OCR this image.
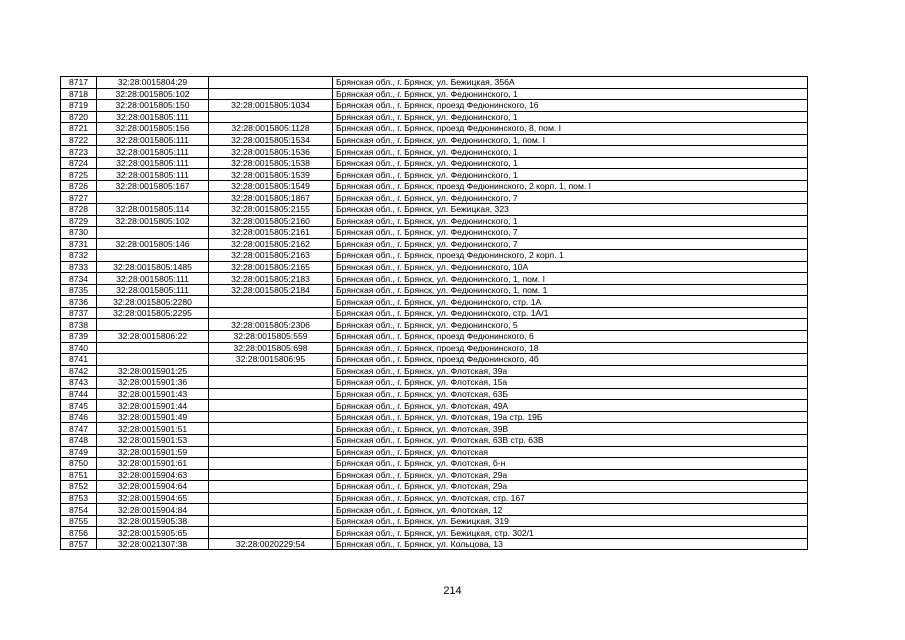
8717	32:28:0015804:29		Брянская обл., г. Брянск, ул. Бежицкая, 356А
8718	32:28:0015805:102		Брянская обл., г. Брянск, ул. Федюнинского, 1
8719	32:28:0015805:150	32:28:0015805:1034	Брянская обл., г. Брянск, проезд Федюнинского, 16
8720	32:28:0015805:111		Брянская обл., г. Брянск, ул. Федюнинского, 1
8721	32:28:0015805:156	32:28:0015805:1128	Брянская обл., г. Брянск, проезд Федюнинского, 8, пом. I
8722	32:28:0015805:111	32:28:0015805:1534	Брянская обл., г. Брянск, ул. Федюнинского, 1, пом. I
8723	32:28:0015805:111	32:28:0015805:1536	Брянская обл., г. Брянск, ул. Федюнинского, 1
8724	32:28:0015805:111	32:28:0015805:1538	Брянская обл., г. Брянск, ул. Федюнинского, 1
8725	32:28:0015805:111	32:28:0015805:1539	Брянская обл., г. Брянск, ул. Федюнинского, 1
8726	32:28:0015805:167	32:28:0015805:1549	Брянская обл., г. Брянск, проезд Федюнинского, 2 корп. 1, пом. I
8727		32:28:0015805:1867	Брянская обл., г. Брянск, ул. Федюнинского, 7
8728	32:28:0015805:114	32:28:0015805:2155	Брянская обл., г. Брянск, ул. Бежицкая, 323
8729	32:28:0015805:102	32:28:0015805:2160	Брянская обл., г. Брянск, ул. Федюнинского, 1
8730		32:28:0015805:2161	Брянская обл., г. Брянск, ул. Федюнинского, 7
8731	32:28:0015805:146	32:28:0015805:2162	Брянская обл., г. Брянск, ул. Федюнинского, 7
8732		32:28:0015805:2163	Брянская обл., г. Брянск, проезд Федюнинского, 2 корп. 1
8733	32:28:0015805:1485	32:28:0015805:2165	Брянская обл., г. Брянск, ул. Федюнинского, 10А
8734	32:28:0015805:111	32:28:0015805:2183	Брянская обл., г. Брянск, ул. Федюнинского, 1, пом. I
8735	32:28:0015805:111	32:28:0015805:2184	Брянская обл., г. Брянск, ул. Федюнинского, 1, пом. 1
8736	32:28:0015805:2280		Брянская обл., г. Брянск, ул. Федюнинского, стр. 1А
8737	32:28:0015805:2295		Брянская обл., г. Брянск, ул. Федюнинского, стр. 1А/1
8738		32:28:0015805:2306	Брянская обл., г. Брянск, ул. Федюнинского, 5
8739	32:28:0015806:22	32:28:0015805:559	Брянская обл., г. Брянск, проезд Федюнинского, 6
8740		32:28:0015805:698	Брянская обл., г. Брянск, проезд Федюнинского, 18
8741		32:28:0015806:95	Брянская обл., г. Брянск, проезд Федюнинского, 4б
8742	32:28:0015901:25		Брянская обл., г. Брянск, ул. Флотская, 39а
8743	32:28:0015901:36		Брянская обл., г. Брянск, ул. Флотская, 15а
8744	32:28:0015901:43		Брянская обл., г. Брянск, ул. Флотская, 63Б
8745	32:28:0015901:44		Брянская обл., г. Брянск, ул. Флотская, 49А
8746	32:28:0015901:49		Брянская обл., г. Брянск, ул. Флотская, 19а стр. 19Б
8747	32:28:0015901:51		Брянская обл., г. Брянск, ул. Флотская, 39В
8748	32:28:0015901:53		Брянская обл., г. Брянск, ул. Флотская, 63В стр. 63В
8749	32:28:0015901:59		Брянская обл., г. Брянск, ул. Флотская
8750	32:28:0015901:61		Брянская обл., г. Брянск, ул. Флотская, б-н
8751	32:28:0015904:63		Брянская обл., г. Брянск, ул. Флотская, 29а
8752	32:28:0015904:64		Брянская обл., г. Брянск, ул. Флотская, 29а
8753	32:28:0015904:65		Брянская обл., г. Брянск, ул. Флотская, стр. 167
8754	32:28:0015904:84		Брянская обл., г. Брянск, ул. Флотская, 12
8755	32:28:0015905:38		Брянская обл., г. Брянск, ул. Бежицкая, 319
8756	32:28:0015905:65		Брянская обл., г. Брянск, ул. Бежицкая, стр. 302/1
8757	32:28:0021307:38	32:28:0020229:54	Брянская обл., г. Брянск, ул. Кольцова, 13
214
